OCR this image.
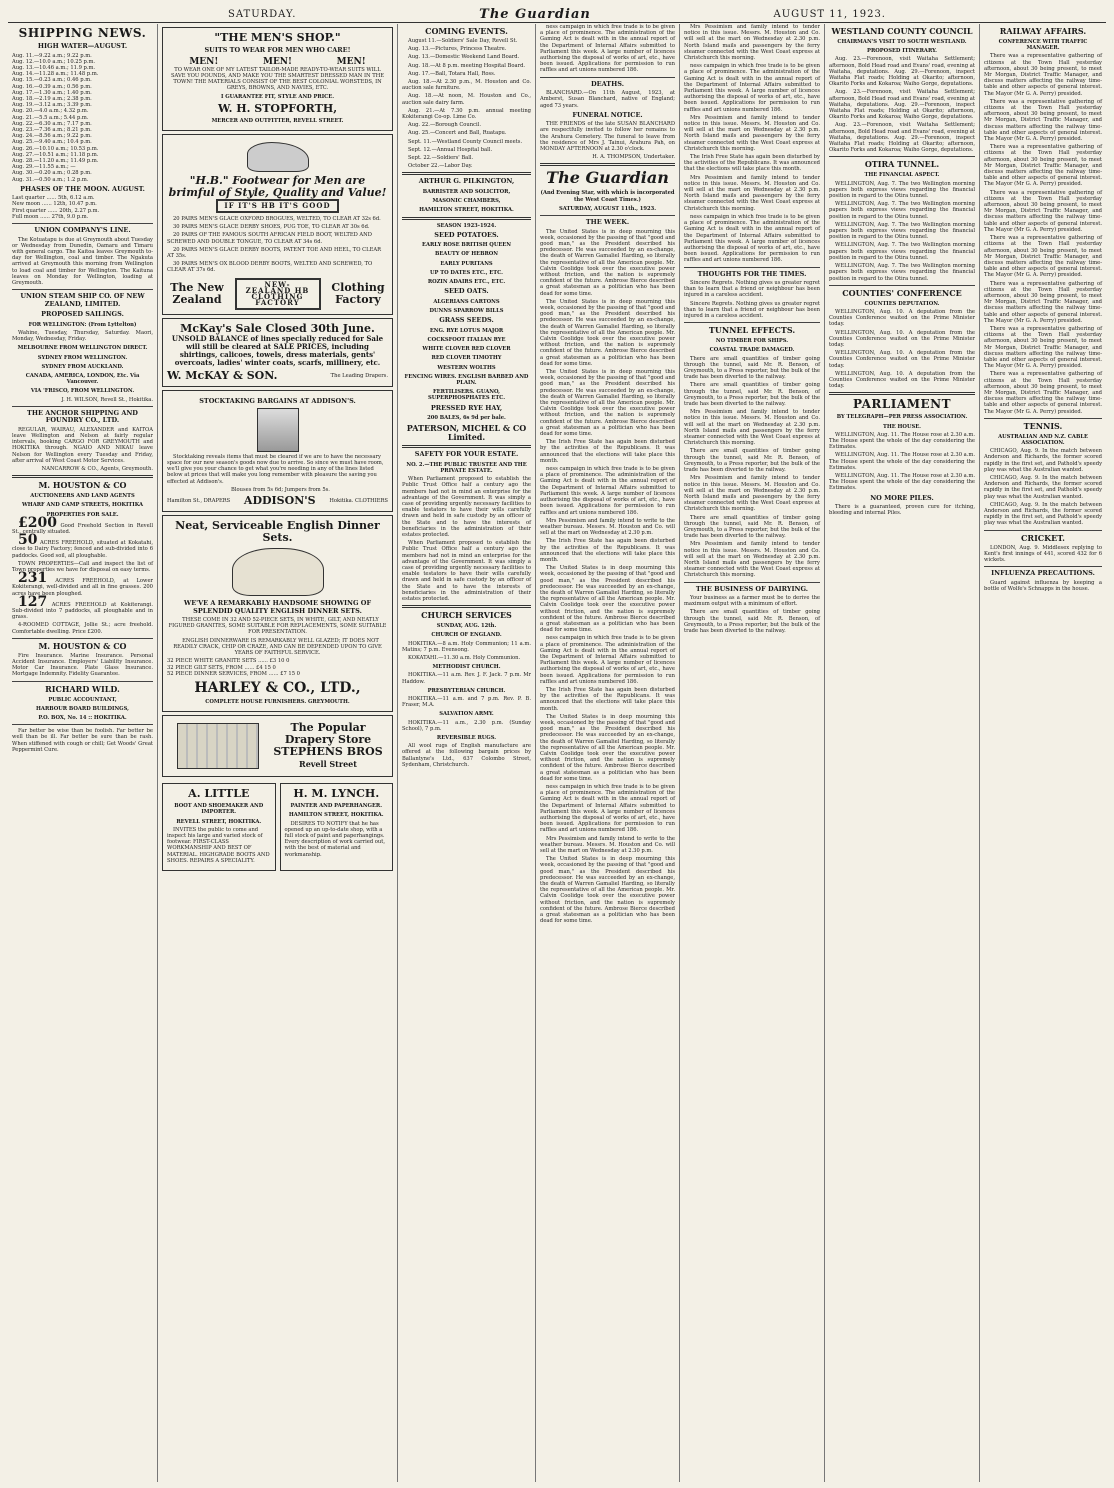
SATURDAY.	The Guardian	AUGUST 11, 1923.
SHIPPING NEWS.
HIGH WATER—AUGUST.
Aug. 11.—9.22 a.m.; 9.22 p.m.
Aug. 12.—10.0 a.m.; 10.25 p.m.
Aug. 13.—10.46 a.m.; 11.9 p.m.
Aug. 14.—11.28 a.m.; 11.48 p.m.
Aug. 15.—0.23 a.m.; 0.46 p.m.
Aug. 16.—0.39 a.m.; 0.56 p.m.
Aug. 17.—1.30 a.m.; 1.40 p.m.
Aug. 18.—2.19 a.m.; 2.38 p.m.
Aug. 19.—3.12 a.m.; 3.39 p.m.
Aug. 20.—4.0 a.m.; 4.32 p.m.
Aug. 21.—5.5 a.m.; 5.44 p.m.
Aug. 22.—6.30 a.m.; 7.17 p.m.
Aug. 23.—7.36 a.m.; 8.21 p.m.
Aug. 24.—8.56 a.m.; 9.22 p.m.
Aug. 25.—9.40 a.m.; 10.4 p.m.
Aug. 26.—10.10 a.m.; 10.53 p.m.
Aug. 27.—10.51 a.m.; 11.18 p.m.
Aug. 28.—11.20 a.m.; 11.49 p.m.
Aug. 29.—11.55 a.m.; —
Aug. 30.—0.20 a.m.; 0.28 p.m.
Aug. 31.—0.50 a.m.; 1.2 p.m.
PHASES OF THE MOON. AUGUST.
Last quarter ...... 5th, 6.12 a.m.
New moon ...... 12th, 10.47 p.m.
First quarter ...... 20th, 2.27 p.m.
Full moon ...... 27th, 9.0 p.m.
UNION COMPANY'S LINE.

The Kotuatapu is due at Greymouth about Tuesday or Wednesday from Dunedin, Oamaru and Timaru with general cargo. The Kaitoa leaves Greymouth to-day for Wellington, coal and timber. The Ngakuta arrived at Greymouth this morning from Wellington to load coal and timber for Wellington. The Kaituna leaves on Monday for Wellington, loading at Greymouth.

UNION STEAM SHIP CO. OF NEW ZEALAND, LIMITED.
PROPOSED SAILINGS.
FOR WELLINGTON: (From Lyttelton)

Wahine, Tuesday, Thursday, Saturday. Maori, Monday, Wednesday, Friday.

MELBOURNE FROM WELLINGTON DIRECT.
SYDNEY FROM WELLINGTON.
SYDNEY FROM AUCKLAND.
CANADA, AMERICA, LONDON, Etc. Via Vancouver.
VIA 'FRISCO, FROM WELLINGTON.
J. H. WILSON, Revell St., Hokitika.
THE ANCHOR SHIPPING AND FOUNDRY CO., LTD.

REGULAR, WAIRAU, ALEXANDER and KAITOA leave Wellington and Nelson at fairly regular intervals, booking CARGO FOR GREYMOUTH and HOKITIKA through. NGAIO AND NIKAU leave Nelson for Wellington every Tuesday and Friday, after arrival of West Coast Motor Services.

NANCARROW & CO., Agents, Greymouth.
M. HOUSTON & CO
AUCTIONEERS AND LAND AGENTS
WHARF AND CAMP STREETS, HOKITIKA
PROPERTIES FOR SALE.

£200 Good Freehold Section in Revell St., centrally situated.

50 ACRES FREEHOLD, situated at Kokatahi, close to Dairy Factory; fenced and sub-divided into 6 paddocks. Good soil, all ploughable.

TOWN PROPERTIES—Call and inspect the list of Town properties we have for disposal on easy terms.

231 ACRES FREEHOLD, at Lower Kokiterangi, well-divided and all in fine grasses. 200 acres have been ploughed.

127 ACRES FREEHOLD at Kokiterangi. Sub-divided into 7 paddocks, all ploughable and in grass.

4-ROOMED COTTAGE, Jollie St.; acre freehold. Comfortable dwelling. Price £200.

M. HOUSTON & CO

Fire Insurance. Marine Insurance. Personal Accident Insurance. Employers' Liability Insurance. Motor Car Insurance. Plate Glass Insurance. Mortgage Indemnity. Fidelity Guarantee.

RICHARD WILD.
PUBLIC ACCOUNTANT,
HARBOUR BOARD BUILDINGS,
P.O. BOX, No. 14 :: HOKITIKA.

Far better be wise than be foolish. Far better be well than be ill. Far better be sure than be rash. When stiffened with cough or chill; Get Woods' Great Peppermint Cure.

"THE MEN'S SHOP."
SUITS TO WEAR FOR MEN WHO CARE!
MEN!	MEN!	MEN!

TO WEAR ONE OF MY LATEST TAILOR-MADE READY-TO-WEAR SUITS WILL SAVE YOU POUNDS, AND MAKE YOU THE SMARTEST DRESSED MAN IN THE TOWN! THE MATERIALS CONSIST OF THE BEST COLONIAL WORSTEDS, IN GREYS, BROWNS, AND NAVIES, ETC.

I GUARANTEE FIT, STYLE AND PRICE.
W. H. STOPFORTH,
MERCER AND OUTFITTER, REVELL STREET.
"H.B." Footwear for Men are brimful of Style, Quality and Value!
IF IT'S HB IT'S GOOD

20 PAIRS MEN'S GLACE OXFORD BROGUES, WELTED, TO CLEAR AT 32s 6d.

30 PAIRS MEN'S GLACE DERBY SHOES, PUG TOE, TO CLEAR AT 30s 6d.

20 PAIRS OF THE FAMOUS SOUTH AFRICAN FIELD BOOT, WELTED AND SCREWED AND DOUBLE TONGUE, TO CLEAR AT 34s 6d.

20 PAIRS MEN'S GLACE DERBY BOOTS, PATENT TOE AND HEEL, TO CLEAR AT 35s.

30 PAIRS MEN'S OX BLOOD DERBY BOOTS, WELTED AND SCREWED, TO CLEAR AT 37s 6d.

The New Zealand
NEW-ZEALAND HB CLOTHING FACTORY
Clothing Factory
McKay's Sale Closed 30th June.
UNSOLD BALANCE of lines specially reduced for Sale will still be cleared at SALE PRICES, including shirtings, calicoes, towels, dress materials, gents' overcoats, ladies' winter coats, scarfs, millinery, etc.
W. McKAY & SON.	The Leading Drapers.
STOCKTAKING BARGAINS AT ADDISON'S.

Stocktaking reveals items that must be cleared if we are to have the necessary space for our new season's goods now due to arrive. So since we must have room, we'll give you your chance to get what you're needing in any of the lines listed below at prices that will make you long remember with pleasure the saving you effected at Addison's.

Blouses from 5s 6d; Jumpers from 5s.

Hamilton St., DRAPERS ADDISON'S	Hokitika. CLOTHIERS
Neat, Serviceable English Dinner Sets.
WE'VE A REMARKABLY HANDSOME SHOWING OF SPLENDID QUALITY ENGLISH DINNER SETS.

THESE COME IN 32 AND 52-PIECE SETS, IN WHITE, GILT, AND NEATLY FIGURED GRANITES, SOME SUITABLE FOR REPLACEMENTS, SOME SUITABLE FOR PRESENTATION.

ENGLISH DINNERWARE IS REMARKABLY WELL GLAZED; IT DOES NOT READILY CRACK, CHIP OR CRAZE, AND CAN BE DEPENDED UPON TO GIVE YEARS OF FAITHFUL SERVICE.

32 PIECE WHITE GRANITE SETS ...... £3 10 0
32 PIECE GILT SETS, FROM ...... £4 15 0
52 PIECE DINNER SERVICES, FROM ...... £7 15 0
HARLEY & CO., LTD.,
COMPLETE HOUSE FURNISHERS. GREYMOUTH.
The Popular Drapery Store
STEPHENS BROS
Revell Street
A. LITTLE
BOOT AND SHOEMAKER AND IMPORTER.
REVELL STREET, HOKITIKA.

INVITES the public to come and inspect his large and varied stock of footwear. FIRST-CLASS WORKMANSHIP AND BEST OF MATERIAL. HIGHGRADE BOOTS AND SHOES. REPAIRS A SPECIALITY.

H. M. LYNCH.
PAINTER AND PAPERHANGER.
HAMILTON STREET, HOKITIKA.

DESIRES TO NOTIFY that he has opened up an up-to-date shop, with a full stock of paint and paperhangings. Every description of work carried out, with the best of material and workmanship.

COMING EVENTS.

August 11.—Soldiers' Sale Day, Revell St.

Aug. 13.—Pictures, Princess Theatre.

Aug. 13.—Domestic Weekend Land Board.

Aug. 18.—At 8 p.m. meeting Hospital Board.

Aug. 17.—Ball, Totara Hall, Ross.

Aug. 18.—At 2.30 p.m., M. Houston and Co. auction sale furniture.

Aug. 18.—At noon, M. Houston and Co., auction sale dairy farm.

Aug. 21.—At 7.30 p.m. annual meeting Kokiterangi Co-op. Lime Co.

Aug. 22.—Borough Council.

Aug. 25.—Concert and Ball, Ruatapu.

Sept. 11.—Westland County Council meets.

Sept. 12.—Annual Hospital ball.

Sept. 22.—Soldiers' Ball.

October 22.—Labor Day.

ARTHUR G. PILKINGTON,
BARRISTER AND SOLICITOR,
MASONIC CHAMBERS,
HAMILTON STREET, HOKITIKA.
SEASON 1923-1924.
SEED POTATOES.
EARLY ROSE BRITISH QUEEN
BEAUTY OF HEBRON
EARLY PURITANS
UP TO DATES ETC., ETC.
ROZIN ADAIRS ETC., ETC.
SEED OATS.
ALGERIANS CARTONS
DUNNS SPARROW BILLS
GRASS SEEDS.
ENG. RYE LOTUS MAJOR
COCKSFOOT ITALIAN RYE
WHITE CLOVER RED CLOVER
RED CLOVER TIMOTHY
WESTERN WOLTHS
FENCING WIRES. ENGLISH BARBED AND PLAIN.
FERTILISERS. GUANO, SUPERPHOSPHATES ETC.
PRESSED RYE HAY,
200 BALES, 6s 9d per bale.
PATERSON, MICHEL & CO Limited.
SAFETY FOR YOUR ESTATE.
NO. 2.—THE PUBLIC TRUSTEE AND THE PRIVATE ESTATE.

When Parliament proposed to establish the Public Trust Office half a century ago the members had not in mind an enterprise for the advantage of the Government. It was simply a case of providing urgently necessary facilities to enable testators to have their wills carefully drawn and held in safe custody by an officer of the State and to have the interests of beneficiaries in the administration of their estates protected.

When Parliament proposed to establish the Public Trust Office half a century ago the members had not in mind an enterprise for the advantage of the Government. It was simply a case of providing urgently necessary facilities to enable testators to have their wills carefully drawn and held in safe custody by an officer of the State and to have the interests of beneficiaries in the administration of their estates protected.

CHURCH SERVICES
SUNDAY, AUG. 12th.
CHURCH OF ENGLAND.

HOKITIKA.—8 a.m. Holy Communion; 11 a.m. Matins; 7 p.m. Evensong.

KOKATAHI.—11.30 a.m. Holy Communion.

METHODIST CHURCH.

HOKITIKA.—11 a.m. Rev. J. F. Jack. 7 p.m. Mr Haddow.

PRESBYTERIAN CHURCH.

HOKITIKA.—11 a.m. and 7 p.m. Rev. P. B. Fraser, M.A.

SALVATION ARMY.

HOKITIKA.—11 a.m., 2.30 p.m. (Sunday School), 7 p.m.

REVERSIBLE RUGS.

All wool rugs of English manufacture are offered at the following bargain prices by Ballantyne's Ltd., 637 Colombo Street, Sydenham, Christchurch.

ness campaign in which free trade is to be given a place of prominence. The administration of the Gaming Act is dealt with in the annual report of the Department of Internal Affairs submitted to Parliament this week. A large number of licences authorising the disposal of works of art, etc., have been issued. Applications for permission to run raffles and art unions numbered 186.

DEATHS.

BLANCHARD.—On 11th August, 1923, at Amberst, Susan Blanchard, native of England; aged 73 years.

FUNERAL NOTICE.

THE FRIENDS of the late SUSAN BLANCHARD are respectfully invited to follow her remains to the Arahura Cemetery. The funeral to leave from the residence of Mrs J. Tainui, Arahura Pah, on MONDAY AFTERNOON at 2.30 o'clock.

H. A. THOMPSON, Undertaker.
The Guardian
(And Evening Star, with which is incorporated the West Coast Times.)
SATURDAY, AUGUST 11th., 1923.
THE WEEK.

The United States is in deep mourning this week, occasioned by the passing of that "good and good man," as the President described his predecessor. He was succeeded by an ex-change, the death of Warren Gamaliel Harding, so literally the representative of all the American people. Mr. Calvin Coolidge took over the executive power without friction, and the nation is supremely confident of the future. Ambrose Bierce described a great statesman as a politician who has been dead for some time.

The United States is in deep mourning this week, occasioned by the passing of that "good and good man," as the President described his predecessor. He was succeeded by an ex-change, the death of Warren Gamaliel Harding, so literally the representative of all the American people. Mr. Calvin Coolidge took over the executive power without friction, and the nation is supremely confident of the future. Ambrose Bierce described a great statesman as a politician who has been dead for some time.

The United States is in deep mourning this week, occasioned by the passing of that "good and good man," as the President described his predecessor. He was succeeded by an ex-change, the death of Warren Gamaliel Harding, so literally the representative of all the American people. Mr. Calvin Coolidge took over the executive power without friction, and the nation is supremely confident of the future. Ambrose Bierce described a great statesman as a politician who has been dead for some time.

The Irish Free State has again been disturbed by the activities of the Republicans. It was announced that the elections will take place this month.

ness campaign in which free trade is to be given a place of prominence. The administration of the Gaming Act is dealt with in the annual report of the Department of Internal Affairs submitted to Parliament this week. A large number of licences authorising the disposal of works of art, etc., have been issued. Applications for permission to run raffles and art unions numbered 186.

Mrs Pessimism and family intend to write to the weather bureau. Messrs. M. Houston and Co. will sell at the mart on Wednesday at 2.30 p.m.

The Irish Free State has again been disturbed by the activities of the Republicans. It was announced that the elections will take place this month.

The United States is in deep mourning this week, occasioned by the passing of that "good and good man," as the President described his predecessor. He was succeeded by an ex-change, the death of Warren Gamaliel Harding, so literally the representative of all the American people. Mr. Calvin Coolidge took over the executive power without friction, and the nation is supremely confident of the future. Ambrose Bierce described a great statesman as a politician who has been dead for some time.

ness campaign in which free trade is to be given a place of prominence. The administration of the Gaming Act is dealt with in the annual report of the Department of Internal Affairs submitted to Parliament this week. A large number of licences authorising the disposal of works of art, etc., have been issued. Applications for permission to run raffles and art unions numbered 186.

The Irish Free State has again been disturbed by the activities of the Republicans. It was announced that the elections will take place this month.

The United States is in deep mourning this week, occasioned by the passing of that "good and good man," as the President described his predecessor. He was succeeded by an ex-change, the death of Warren Gamaliel Harding, so literally the representative of all the American people. Mr. Calvin Coolidge took over the executive power without friction, and the nation is supremely confident of the future. Ambrose Bierce described a great statesman as a politician who has been dead for some time.

ness campaign in which free trade is to be given a place of prominence. The administration of the Gaming Act is dealt with in the annual report of the Department of Internal Affairs submitted to Parliament this week. A large number of licences authorising the disposal of works of art, etc., have been issued. Applications for permission to run raffles and art unions numbered 186.

Mrs Pessimism and family intend to write to the weather bureau. Messrs. M. Houston and Co. will sell at the mart on Wednesday at 2.30 p.m.

The United States is in deep mourning this week, occasioned by the passing of that "good and good man," as the President described his predecessor. He was succeeded by an ex-change, the death of Warren Gamaliel Harding, so literally the representative of all the American people. Mr. Calvin Coolidge took over the executive power without friction, and the nation is supremely confident of the future. Ambrose Bierce described a great statesman as a politician who has been dead for some time.

Mrs Pessimism and family intend to tender notice in this issue. Messrs. M. Houston and Co. will sell at the mart on Wednesday at 2.30 p.m. North Island mails and passengers by the ferry steamer connected with the West Coast express at Christchurch this morning.

ness campaign in which free trade is to be given a place of prominence. The administration of the Gaming Act is dealt with in the annual report of the Department of Internal Affairs submitted to Parliament this week. A large number of licences authorising the disposal of works of art, etc., have been issued. Applications for permission to run raffles and art unions numbered 186.

Mrs Pessimism and family intend to tender notice in this issue. Messrs. M. Houston and Co. will sell at the mart on Wednesday at 2.30 p.m. North Island mails and passengers by the ferry steamer connected with the West Coast express at Christchurch this morning.

The Irish Free State has again been disturbed by the activities of the Republicans. It was announced that the elections will take place this month.

Mrs Pessimism and family intend to tender notice in this issue. Messrs. M. Houston and Co. will sell at the mart on Wednesday at 2.30 p.m. North Island mails and passengers by the ferry steamer connected with the West Coast express at Christchurch this morning.

ness campaign in which free trade is to be given a place of prominence. The administration of the Gaming Act is dealt with in the annual report of the Department of Internal Affairs submitted to Parliament this week. A large number of licences authorising the disposal of works of art, etc., have been issued. Applications for permission to run raffles and art unions numbered 186.

THOUGHTS FOR THE TIMES.

Sincere Regrets. Nothing gives us greater regret than to learn that a friend or neighbour has been injured in a careless accident.

Sincere Regrets. Nothing gives us greater regret than to learn that a friend or neighbour has been injured in a careless accident.

TUNNEL EFFECTS.
NO TIMBER FOR SHIPS.
COASTAL TRADE DAMAGED.

There are small quantities of timber going through the tunnel, said Mr. R. Benson, of Greymouth, to a Press reporter, but the bulk of the trade has been diverted to the railway.

There are small quantities of timber going through the tunnel, said Mr. R. Benson, of Greymouth, to a Press reporter, but the bulk of the trade has been diverted to the railway.

Mrs Pessimism and family intend to tender notice in this issue. Messrs. M. Houston and Co. will sell at the mart on Wednesday at 2.30 p.m. North Island mails and passengers by the ferry steamer connected with the West Coast express at Christchurch this morning.

There are small quantities of timber going through the tunnel, said Mr. R. Benson, of Greymouth, to a Press reporter, but the bulk of the trade has been diverted to the railway.

Mrs Pessimism and family intend to tender notice in this issue. Messrs. M. Houston and Co. will sell at the mart on Wednesday at 2.30 p.m. North Island mails and passengers by the ferry steamer connected with the West Coast express at Christchurch this morning.

There are small quantities of timber going through the tunnel, said Mr. R. Benson, of Greymouth, to a Press reporter, but the bulk of the trade has been diverted to the railway.

Mrs Pessimism and family intend to tender notice in this issue. Messrs. M. Houston and Co. will sell at the mart on Wednesday at 2.30 p.m. North Island mails and passengers by the ferry steamer connected with the West Coast express at Christchurch this morning.

THE BUSINESS OF DAIRYING.

Your business as a farmer must be to derive the maximum output with a minimum of effort.

There are small quantities of timber going through the tunnel, said Mr. R. Benson, of Greymouth, to a Press reporter, but the bulk of the trade has been diverted to the railway.

WESTLAND COUNTY COUNCIL
CHAIRMAN'S VISIT TO SOUTH WESTLAND.
PROPOSED ITINERARY.

Aug. 23.—Forenoon, visit Waitaha Settlement; afternoon, Bold Head road and Evans' road, evening at Waitaha, deputations. Aug. 29.—Forenoon, inspect Waitaha Flat roads; Holding at Okarito; afternoon, Okarito Forks and Kokaroa; Waiho Gorge, deputations.

Aug. 23.—Forenoon, visit Waitaha Settlement; afternoon, Bold Head road and Evans' road, evening at Waitaha, deputations. Aug. 29.—Forenoon, inspect Waitaha Flat roads; Holding at Okarito; afternoon, Okarito Forks and Kokaroa; Waiho Gorge, deputations.

Aug. 23.—Forenoon, visit Waitaha Settlement; afternoon, Bold Head road and Evans' road, evening at Waitaha, deputations. Aug. 29.—Forenoon, inspect Waitaha Flat roads; Holding at Okarito; afternoon, Okarito Forks and Kokaroa; Waiho Gorge, deputations.

OTIRA TUNNEL.
THE FINANCIAL ASPECT.

WELLINGTON, Aug. 7. The two Wellington morning papers both express views regarding the financial position in regard to the Otira tunnel.

WELLINGTON, Aug. 7. The two Wellington morning papers both express views regarding the financial position in regard to the Otira tunnel.

WELLINGTON, Aug. 7. The two Wellington morning papers both express views regarding the financial position in regard to the Otira tunnel.

WELLINGTON, Aug. 7. The two Wellington morning papers both express views regarding the financial position in regard to the Otira tunnel.

WELLINGTON, Aug. 7. The two Wellington morning papers both express views regarding the financial position in regard to the Otira tunnel.

COUNTIES' CONFERENCE
COUNTIES DEPUTATION.

WELLINGTON, Aug. 10. A deputation from the Counties Conference waited on the Prime Minister today.

WELLINGTON, Aug. 10. A deputation from the Counties Conference waited on the Prime Minister today.

WELLINGTON, Aug. 10. A deputation from the Counties Conference waited on the Prime Minister today.

WELLINGTON, Aug. 10. A deputation from the Counties Conference waited on the Prime Minister today.

PARLIAMENT
BY TELEGRAPH—PER PRESS ASSOCIATION.
THE HOUSE.

WELLINGTON, Aug. 11. The House rose at 2.30 a.m. The House spent the whole of the day considering the Estimates.

WELLINGTON, Aug. 11. The House rose at 2.30 a.m. The House spent the whole of the day considering the Estimates.

WELLINGTON, Aug. 11. The House rose at 2.30 a.m. The House spent the whole of the day considering the Estimates.

NO MORE PILES.

There is a guaranteed, proven cure for itching, bleeding and internal Piles.

RAILWAY AFFAIRS.
CONFERENCE WITH TRAFFIC MANAGER.

There was a representative gathering of citizens at the Town Hall yesterday afternoon, about 30 being present, to meet Mr Morgan, District Traffic Manager, and discuss matters affecting the railway time-table and other aspects of general interest. The Mayor (Mr G. A. Perry) presided.

There was a representative gathering of citizens at the Town Hall yesterday afternoon, about 30 being present, to meet Mr Morgan, District Traffic Manager, and discuss matters affecting the railway time-table and other aspects of general interest. The Mayor (Mr G. A. Perry) presided.

There was a representative gathering of citizens at the Town Hall yesterday afternoon, about 30 being present, to meet Mr Morgan, District Traffic Manager, and discuss matters affecting the railway time-table and other aspects of general interest. The Mayor (Mr G. A. Perry) presided.

There was a representative gathering of citizens at the Town Hall yesterday afternoon, about 30 being present, to meet Mr Morgan, District Traffic Manager, and discuss matters affecting the railway time-table and other aspects of general interest. The Mayor (Mr G. A. Perry) presided.

There was a representative gathering of citizens at the Town Hall yesterday afternoon, about 30 being present, to meet Mr Morgan, District Traffic Manager, and discuss matters affecting the railway time-table and other aspects of general interest. The Mayor (Mr G. A. Perry) presided.

There was a representative gathering of citizens at the Town Hall yesterday afternoon, about 30 being present, to meet Mr Morgan, District Traffic Manager, and discuss matters affecting the railway time-table and other aspects of general interest. The Mayor (Mr G. A. Perry) presided.

There was a representative gathering of citizens at the Town Hall yesterday afternoon, about 30 being present, to meet Mr Morgan, District Traffic Manager, and discuss matters affecting the railway time-table and other aspects of general interest. The Mayor (Mr G. A. Perry) presided.

There was a representative gathering of citizens at the Town Hall yesterday afternoon, about 30 being present, to meet Mr Morgan, District Traffic Manager, and discuss matters affecting the railway time-table and other aspects of general interest. The Mayor (Mr G. A. Perry) presided.

TENNIS.
AUSTRALIAN AND N.Z. CABLE ASSOCIATION.

CHICAGO, Aug. 9. In the match between Anderson and Richards, the former scored rapidly in the first set, and Pathold's speedy play was what the Australian wanted.

CHICAGO, Aug. 9. In the match between Anderson and Richards, the former scored rapidly in the first set, and Pathold's speedy play was what the Australian wanted.

CHICAGO, Aug. 9. In the match between Anderson and Richards, the former scored rapidly in the first set, and Pathold's speedy play was what the Australian wanted.

CRICKET.

LONDON, Aug. 9. Middlesex replying to Kent's first innings of 441, scored 432 for 6 wickets.

INFLUENZA PRECAUTIONS.

Guard against influenza by keeping a bottle of Wolfe's Schnapps in the house.
